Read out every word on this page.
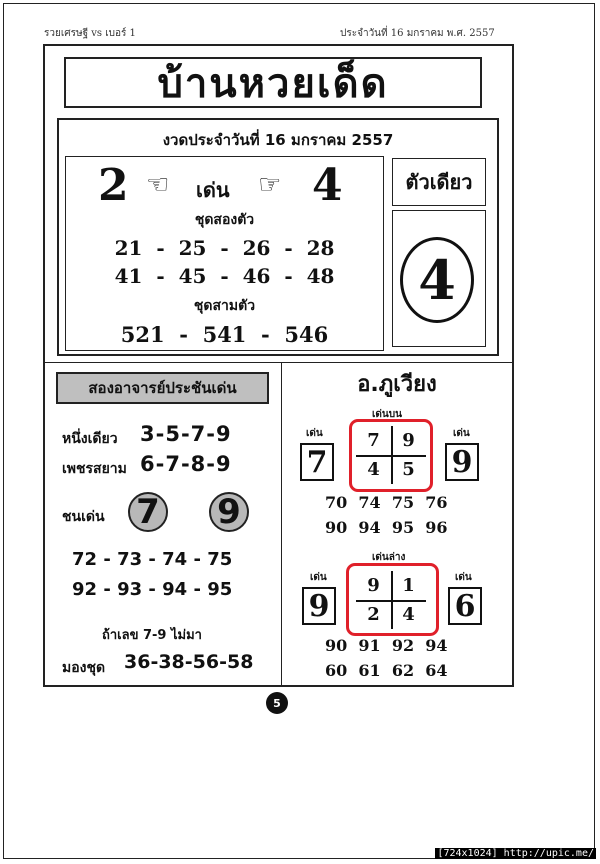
รวยเศรษฐี vs เบอร์ 1	ประจำวันที่ 16 มกราคม พ.ศ. 2557
บ้านหวยเด็ด
งวดประจำวันที่ 16 มกราคม 2557
2 ☜ เด่น ☞ 4
ชุดสองตัว
21  -  25  -  26  -  28
41  -  45  -  46  -  48
ชุดสามตัว
521  -  541  -  546
ตัวเดียว
4
สองอาจารย์ประชันเด่น
หนึ่งเดียว 3-5-7-9
เพชรสยาม 6-7-8-9
ชนเด่น 7 9
72 - 73 - 74 - 75
92 - 93 - 94 - 95
ถ้าเลข 7-9 ไม่มา
มองชุด 36-38-56-58
อ.ภูเวียง
เด่นบน
เด่น	เด่น
7	9
7	9
4	5
70 74 75 76
90 94 95 96
เด่นล่าง
เด่น	เด่น
9	6
9	1
2	4
90 91 92 94
60 61 62 64
5
[724x1024] http://upic.me/
